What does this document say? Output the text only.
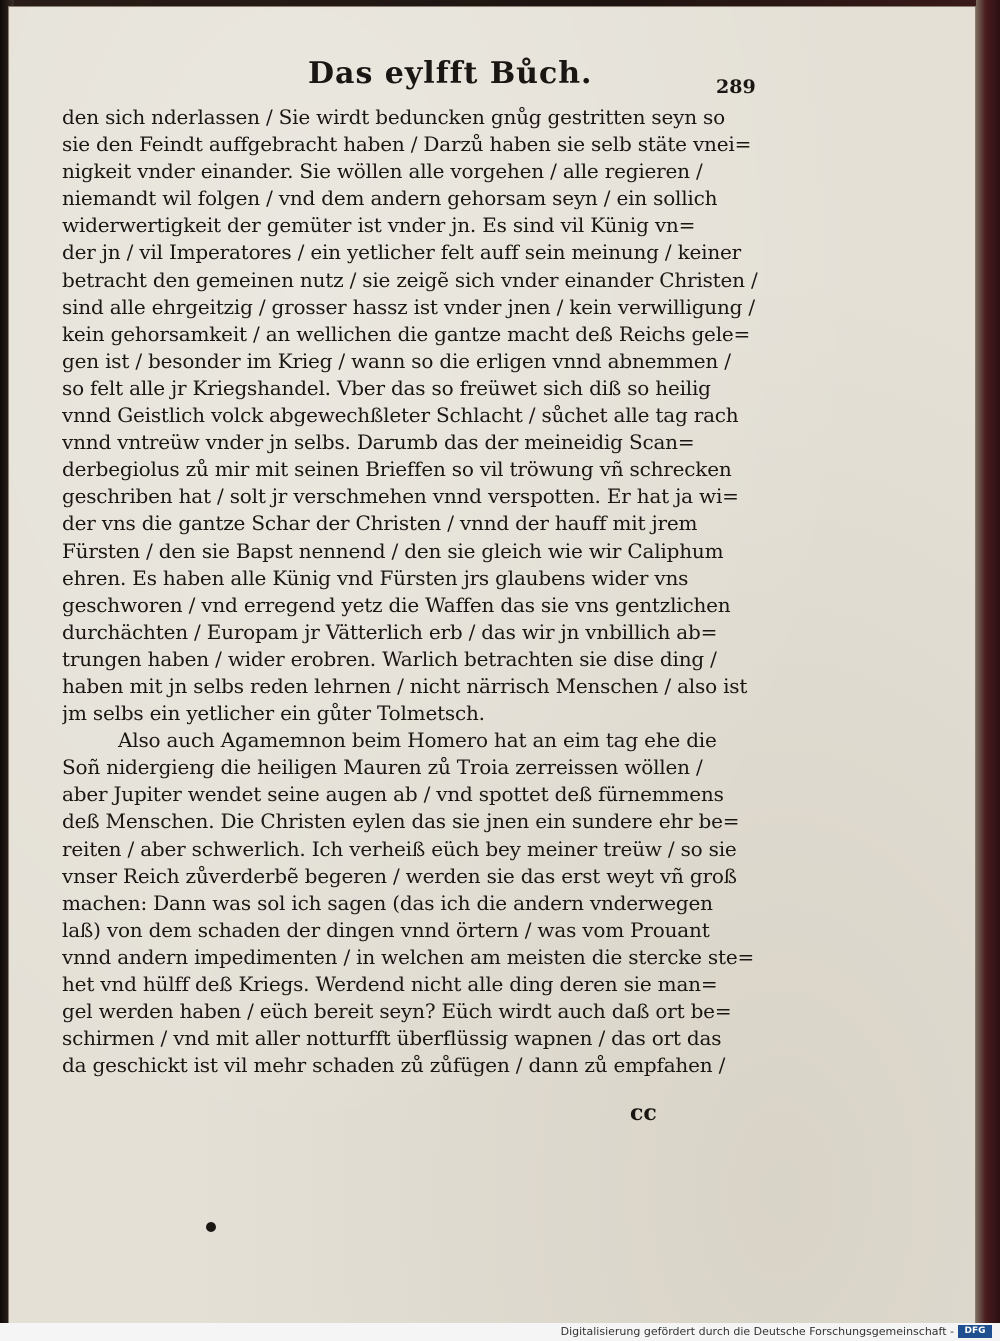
Das eylfft Bůch.	289
den sich nderlassen / Sie wirdt beduncken gnůg gestritten seyn so
sie den Feindt auffgebracht haben / Darzů haben sie selb stäte vnei=
nigkeit vnder einander. Sie wöllen alle vorgehen / alle regieren /
niemandt wil folgen / vnd dem andern gehorsam seyn / ein sollich
widerwertigkeit der gemüter ist vnder jn. Es sind vil Künig vn=
der jn / vil Imperatores / ein yetlicher felt auff sein meinung / keiner
betracht den gemeinen nutz / sie zeigẽ sich vnder einander Christen /
sind alle ehrgeitzig / grosser hassz ist vnder jnen / kein verwilligung /
kein gehorsamkeit / an wellichen die gantze macht deß Reichs gele=
gen ist / besonder im Krieg / wann so die erligen vnnd abnemmen /
so felt alle jr Kriegshandel. Vber das so freüwet sich diß so heilig
vnnd Geistlich volck abgewechßleter Schlacht / sůchet alle tag rach
vnnd vntreüw vnder jn selbs. Darumb das der meineidig Scan=
derbegiolus zů mir mit seinen Brieffen so vil tröwung vñ schrecken
geschriben hat / solt jr verschmehen vnnd verspotten. Er hat ja wi=
der vns die gantze Schar der Christen / vnnd der hauff mit jrem
Fürsten / den sie Bapst nennend / den sie gleich wie wir Caliphum
ehren. Es haben alle Künig vnd Fürsten jrs glaubens wider vns
geschworen / vnd erregend yetz die Waffen das sie vns gentzlichen
durchächten / Europam jr Vätterlich erb / das wir jn vnbillich ab=
trungen haben / wider erobren. Warlich betrachten sie dise ding /
haben mit jn selbs reden lehrnen / nicht närrisch Menschen / also ist
jm selbs ein yetlicher ein gůter Tolmetsch.
Also auch Agamemnon beim Homero hat an eim tag ehe die
Soñ nidergieng die heiligen Mauren zů Troia zerreissen wöllen /
aber Jupiter wendet seine augen ab / vnd spottet deß fürnemmens
deß Menschen. Die Christen eylen das sie jnen ein sundere ehr be=
reiten / aber schwerlich. Ich verheiß eüch bey meiner treüw / so sie
vnser Reich zůverderbẽ begeren / werden sie das erst weyt vñ groß
machen: Dann was sol ich sagen (das ich die andern vnderwegen
laß) von dem schaden der dingen vnnd örtern / was vom Prouant
vnnd andern impedimenten / in welchen am meisten die stercke ste=
het vnd hülff deß Kriegs. Werdend nicht alle ding deren sie man=
gel werden haben / eüch bereit seyn? Eüch wirdt auch daß ort be=
schirmen / vnd mit aller notturfft überflüssig wapnen / das ort das
da geschickt ist vil mehr schaden zů zůfügen / dann zů empfahen /
cc
Digitalisierung gefördert durch die Deutsche Forschungsgemeinschaft -	DFG
